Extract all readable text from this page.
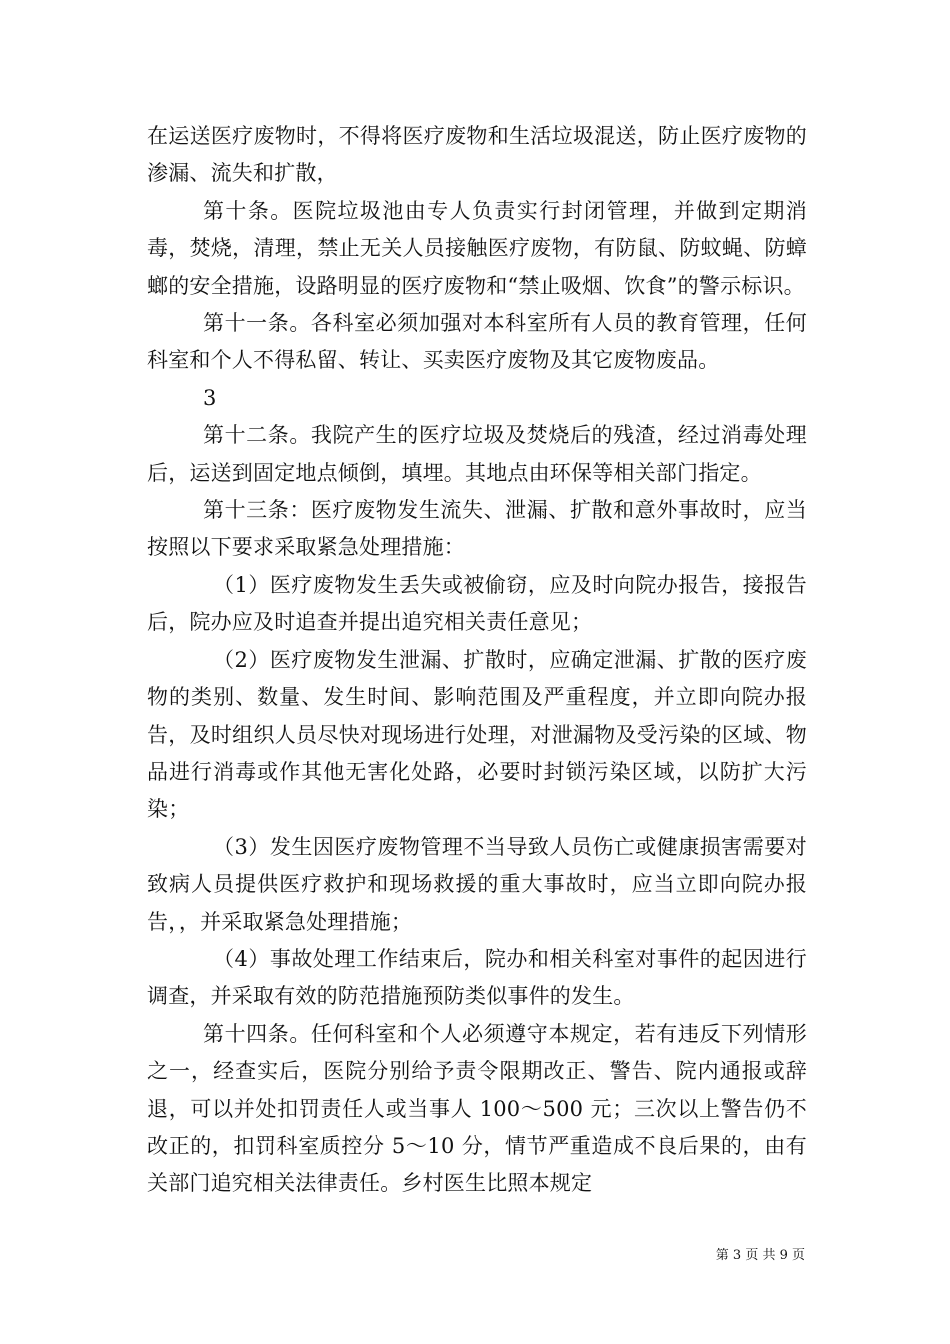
在运送医疗废物时，不得将医疗废物和生活垃圾混送，防止医疗废物的渗漏、流失和扩散，

第十条。医院垃圾池由专人负责实行封闭管理，并做到定期消毒，焚烧，清理，禁止无关人员接触医疗废物，有防鼠、防蚊蝇、防蟑螂的安全措施，设路明显的医疗废物和“禁止吸烟、饮食”的警示标识。

第十一条。各科室必须加强对本科室所有人员的教育管理，任何科室和个人不得私留、转让、买卖医疗废物及其它废物废品。

3

第十二条。我院产生的医疗垃圾及焚烧后的残渣，经过消毒处理后，运送到固定地点倾倒，填埋。其地点由环保等相关部门指定。

第十三条：医疗废物发生流失、泄漏、扩散和意外事故时，应当按照以下要求采取紧急处理措施：

（1）医疗废物发生丢失或被偷窃，应及时向院办报告，接报告后，院办应及时追查并提出追究相关责任意见；

（2）医疗废物发生泄漏、扩散时，应确定泄漏、扩散的医疗废物的类别、数量、发生时间、影响范围及严重程度，并立即向院办报告，及时组织人员尽快对现场进行处理，对泄漏物及受污染的区域、物品进行消毒或作其他无害化处路，必要时封锁污染区域，以防扩大污染；

（3）发生因医疗废物管理不当导致人员伤亡或健康损害需要对致病人员提供医疗救护和现场救援的重大事故时，应当立即向院办报告，，并采取紧急处理措施；

（4）事故处理工作结束后，院办和相关科室对事件的起因进行调查，并采取有效的防范措施预防类似事件的发生。

第十四条。任何科室和个人必须遵守本规定，若有违反下列情形之一，经查实后，医院分别给予责令限期改正、警告、院内通报或辞退，可以并处扣罚责任人或当事人 100～500 元；三次以上警告仍不改正的，扣罚科室质控分 5～10 分，情节严重造成不良后果的，由有关部门追究相关法律责任。乡村医生比照本规定

第 3 页 共 9 页
